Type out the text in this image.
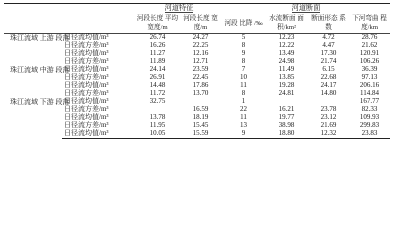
		河道特征		河道断面			
		河段长度 平均宽度/m	河段长度 宽度/m	河段 比降 /‰	水流断面 面积/km²	断面形态 系数	下河弯曲 程度/km
珠江流域 上游 段落	日径流均值/m³	26.74	24.27	5	12.23	4.72	28.76
	日径流方差/m³	16.26	22.25	8	12.22	4.47	21.62
	日径流均值/m³	11.27	12.16	9	13.49	17.30	120.91
	日径流方差/m³	11.89	12.71	8	24.98	21.74	106.26
珠江流域 中游 段落	日径流均值/m³	24.14	23.59	7	11.49	6.15	36.39
	日径流方差/m³	26.91	22.45	10	13.85	22.68	97.13
	日径流均值/m³	14.48	17.86	11	19.28	24.17	206.16
	日径流方差/m³	11.72	13.70	8	24.81	14.80	114.84
珠江流域 下游 段落	日径流均值/m³	32.75		1			167.77
	日径流方差/m³		16.59	22	16.21	23.78	82.33
	日径流均值/m³	13.78	18.19	11	19.77	23.12	109.93
	日径流方差/m³	11.95	15.45	13	38.98	21.69	299.83
	日径流均值/m³	10.05	15.59	9	18.80	12.32	23.83
